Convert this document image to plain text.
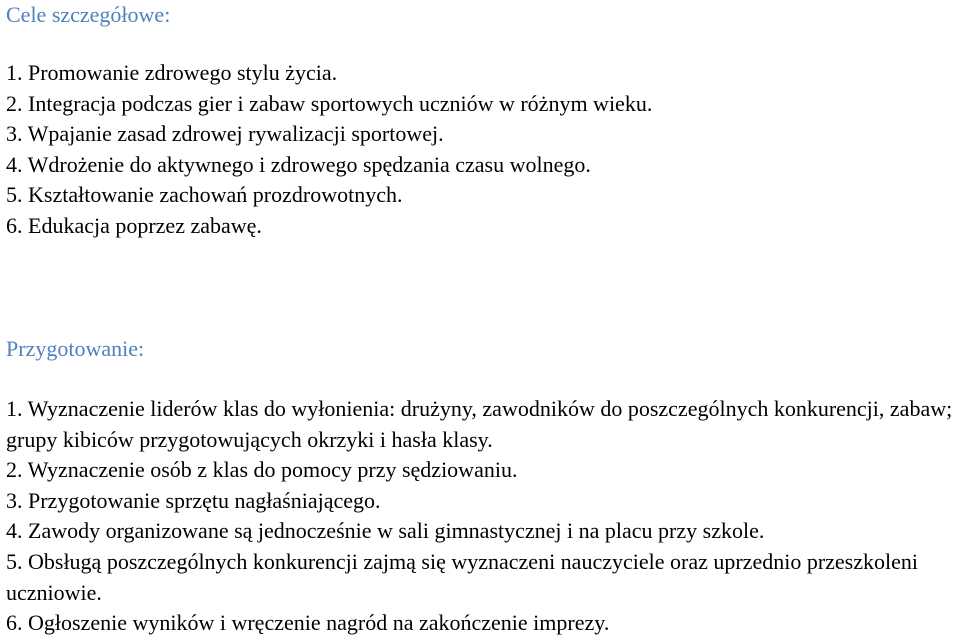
Cele szczegółowe:
1. Promowanie zdrowego stylu życia.
2. Integracja podczas gier i zabaw sportowych uczniów w różnym wieku.
3. Wpajanie zasad zdrowej rywalizacji sportowej.
4. Wdrożenie do aktywnego i zdrowego spędzania czasu wolnego.
5. Kształtowanie zachowań prozdrowotnych.
6. Edukacja poprzez zabawę.
Przygotowanie:
1. Wyznaczenie liderów klas do wyłonienia: drużyny, zawodników do poszczególnych konkurencji, zabaw; grupy kibiców przygotowujących okrzyki i hasła klasy.
2. Wyznaczenie osób z klas do pomocy przy sędziowaniu.
3. Przygotowanie sprzętu nagłaśniającego.
4. Zawody organizowane są jednocześnie w sali gimnastycznej i na placu przy szkole.
5. Obsługą poszczególnych konkurencji zajmą się wyznaczeni nauczyciele oraz uprzednio przeszkoleni uczniowie.
6. Ogłoszenie wyników i wręczenie nagród na zakończenie imprezy.
